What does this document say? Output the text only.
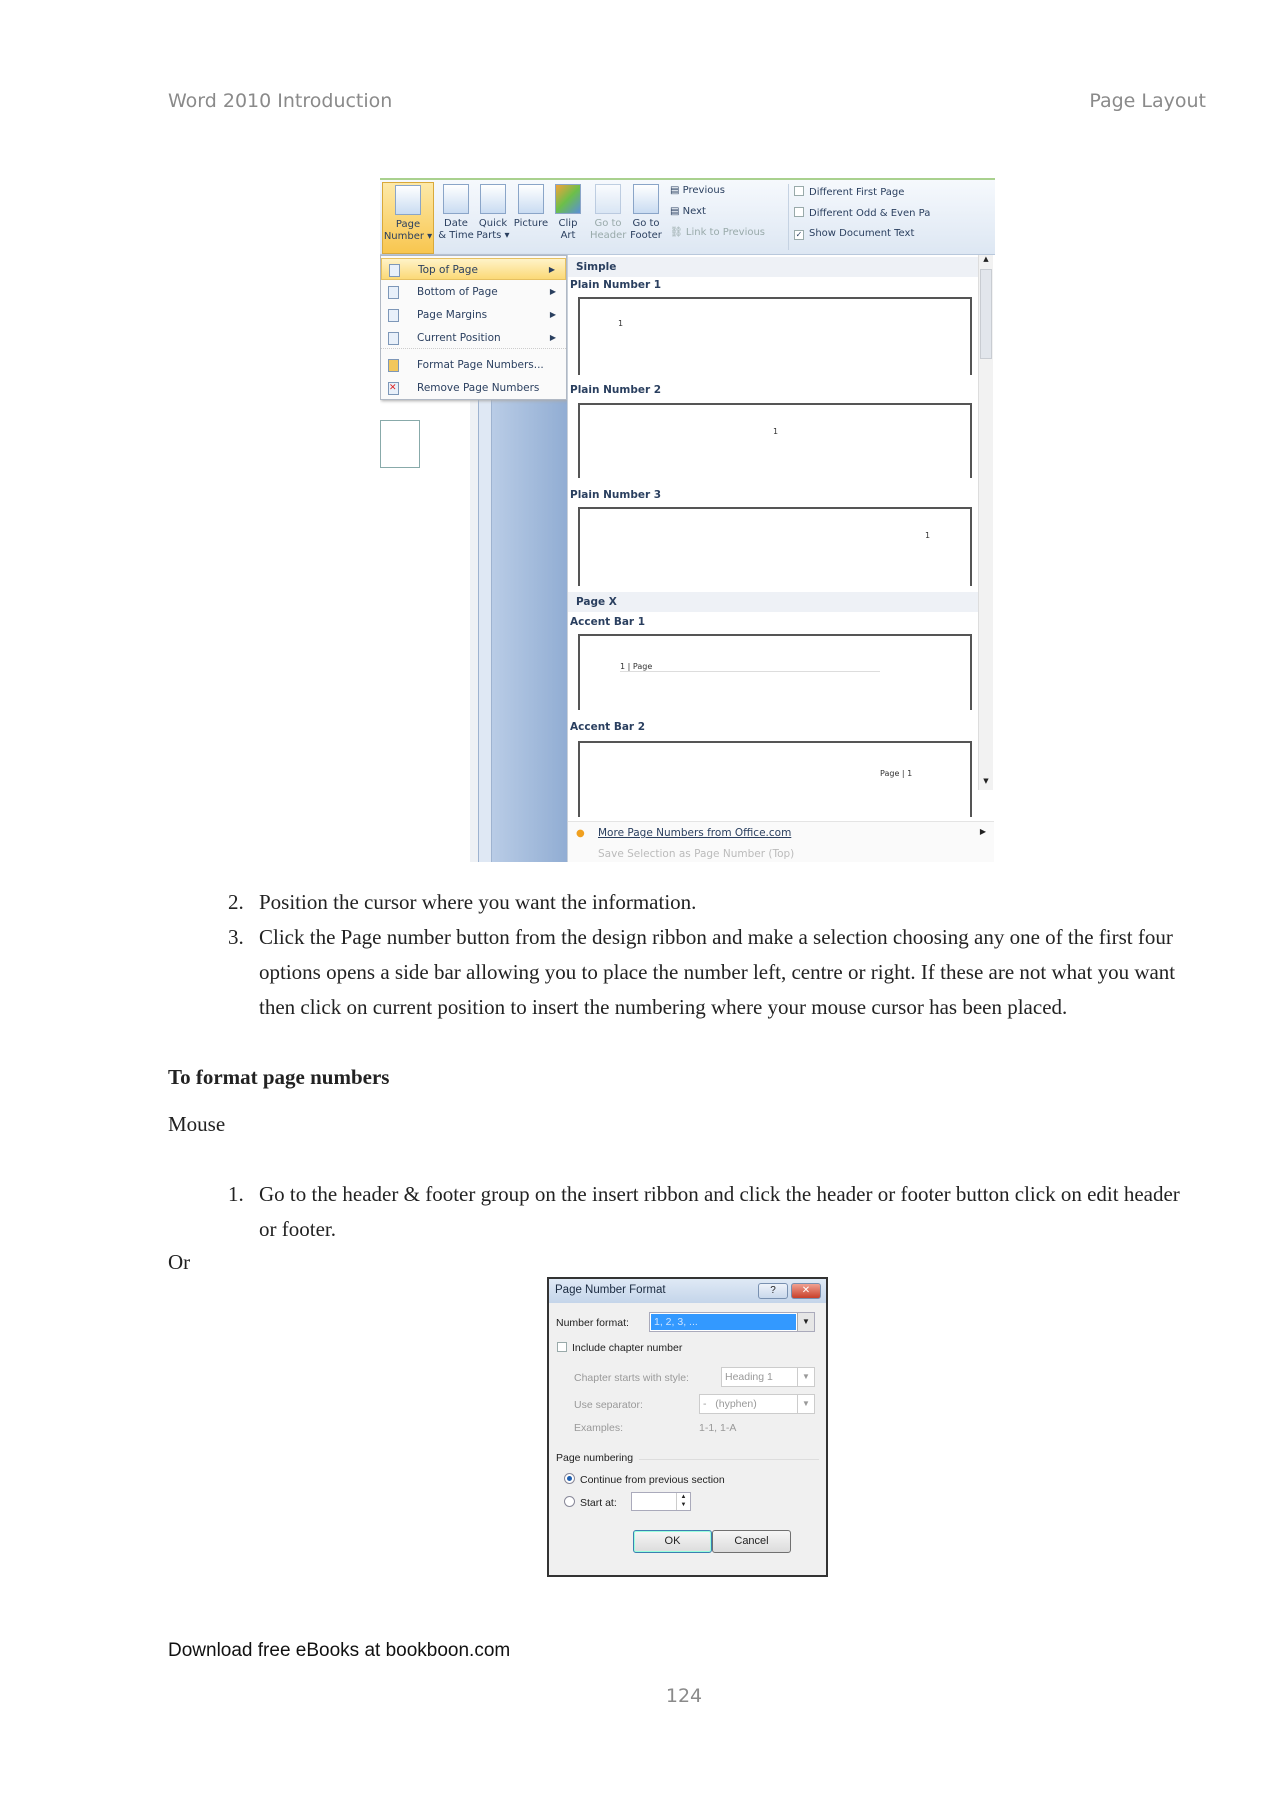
Word 2010 Introduction	Page Layout
Page
Number ▾
Date
& Time
Quick
Parts ▾
Picture	Clip
Art
Go to
Header
Go to
Footer
▤ Previous
▤ Next
⛓ Link to Previous
Different First Page
Different Odd & Even Pa
✓ Show Document Text
Top of Page	▶
Bottom of Page	▶
Page Margins	▶
Current Position	▶
Format Page Numbers...
✕ Remove Page Numbers
Simple
Plain Number 1
1
Plain Number 2
1
Plain Number 3
1
Page X
Accent Bar 1
1 | Page
Accent Bar 2
Page | 1
● More Page Numbers from Office.com	▶
Save Selection as Page Number (Top)
▲
▼
2. Position the cursor where you want the information.
3. Click the Page number button from the design ribbon and make a selection choosing any one of the first four options opens a side bar allowing you to place the number left, centre or right. If these are not what you want then click on current position to insert the numbering where your mouse cursor has been placed.
To format page numbers
Mouse
1. Go to the header & footer group on the insert ribbon and click the header or footer button click on edit header or footer.
Or
Page Number Format	?	✕
Number format: 1, 2, 3, ...	▼
Include chapter number
Chapter starts with style:	Heading 1	▼
Use separator:	-   (hyphen)	▼
Examples:	1-1, 1-A
Page numbering
Continue from previous section
Start at:	▲
▼
OK	Cancel
Download free eBooks at bookboon.com
124
